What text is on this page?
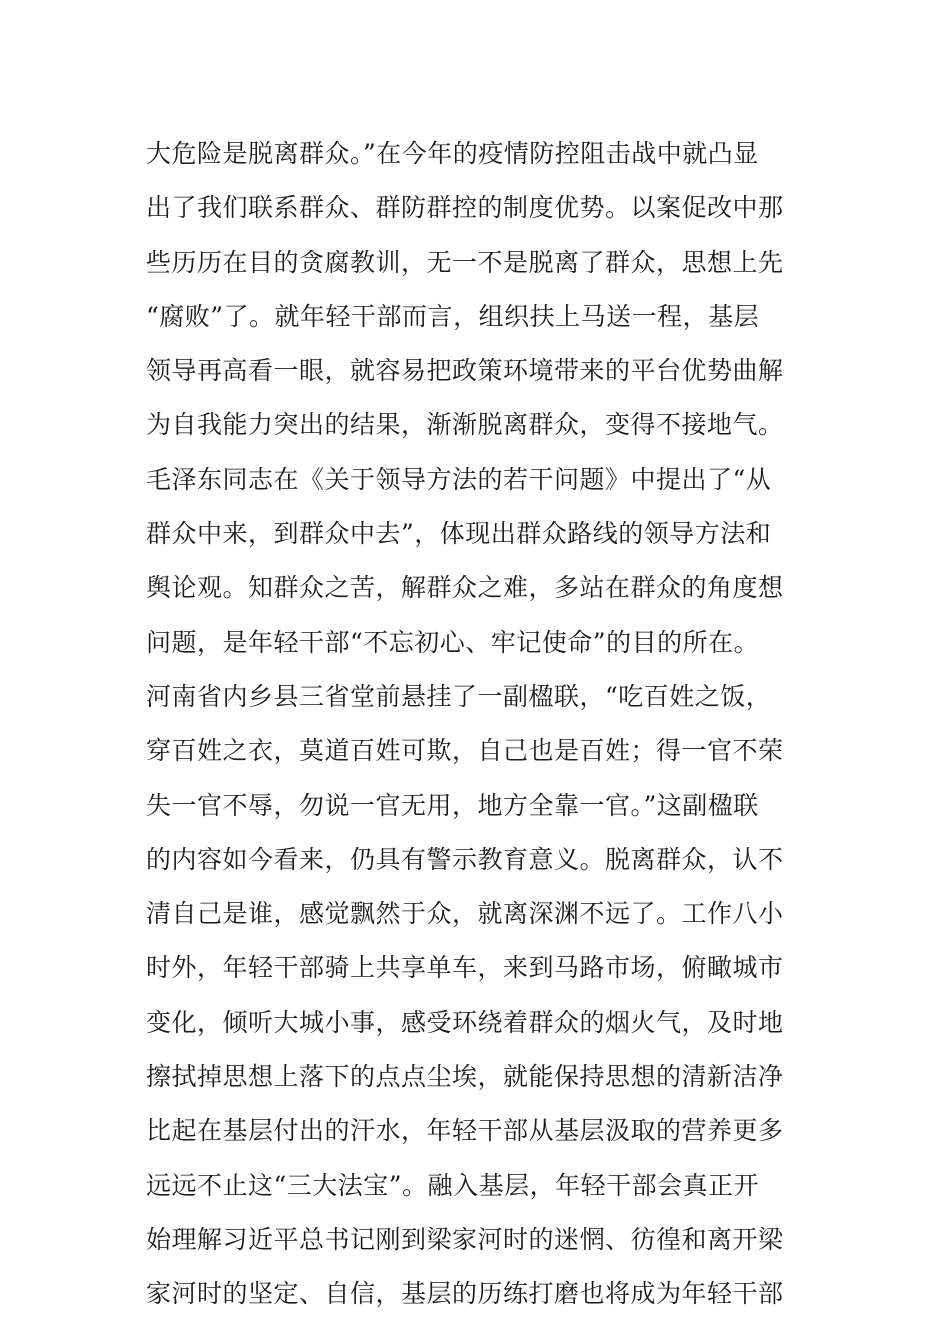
大危险是脱离群众。”在今年的疫情防控阻击战中就凸显
出了我们联系群众、群防群控的制度优势。以案促改中那
些历历在目的贪腐教训，无一不是脱离了群众，思想上先
“腐败”了。就年轻干部而言，组织扶上马送一程，基层
领导再高看一眼，就容易把政策环境带来的平台优势曲解
为自我能力突出的结果，渐渐脱离群众，变得不接地气。
毛泽东同志在《关于领导方法的若干问题》中提出了“从
群众中来，到群众中去”，体现出群众路线的领导方法和
舆论观。知群众之苦，解群众之难，多站在群众的角度想
问题，是年轻干部“不忘初心、牢记使命”的目的所在。
河南省内乡县三省堂前悬挂了一副楹联，“吃百姓之饭，
穿百姓之衣，莫道百姓可欺，自己也是百姓；得一官不荣
失一官不辱，勿说一官无用，地方全靠一官。”这副楹联
的内容如今看来，仍具有警示教育意义。脱离群众，认不
清自己是谁，感觉飘然于众，就离深渊不远了。工作八小
时外，年轻干部骑上共享单车，来到马路市场，俯瞰城市
变化，倾听大城小事，感受环绕着群众的烟火气，及时地
擦拭掉思想上落下的点点尘埃，就能保持思想的清新洁净
比起在基层付出的汗水，年轻干部从基层汲取的营养更多
远远不止这“三大法宝”。融入基层，年轻干部会真正开
始理解习近平总书记刚到梁家河时的迷惘、彷徨和离开梁
家河时的坚定、自信，基层的历练打磨也将成为年轻干部
